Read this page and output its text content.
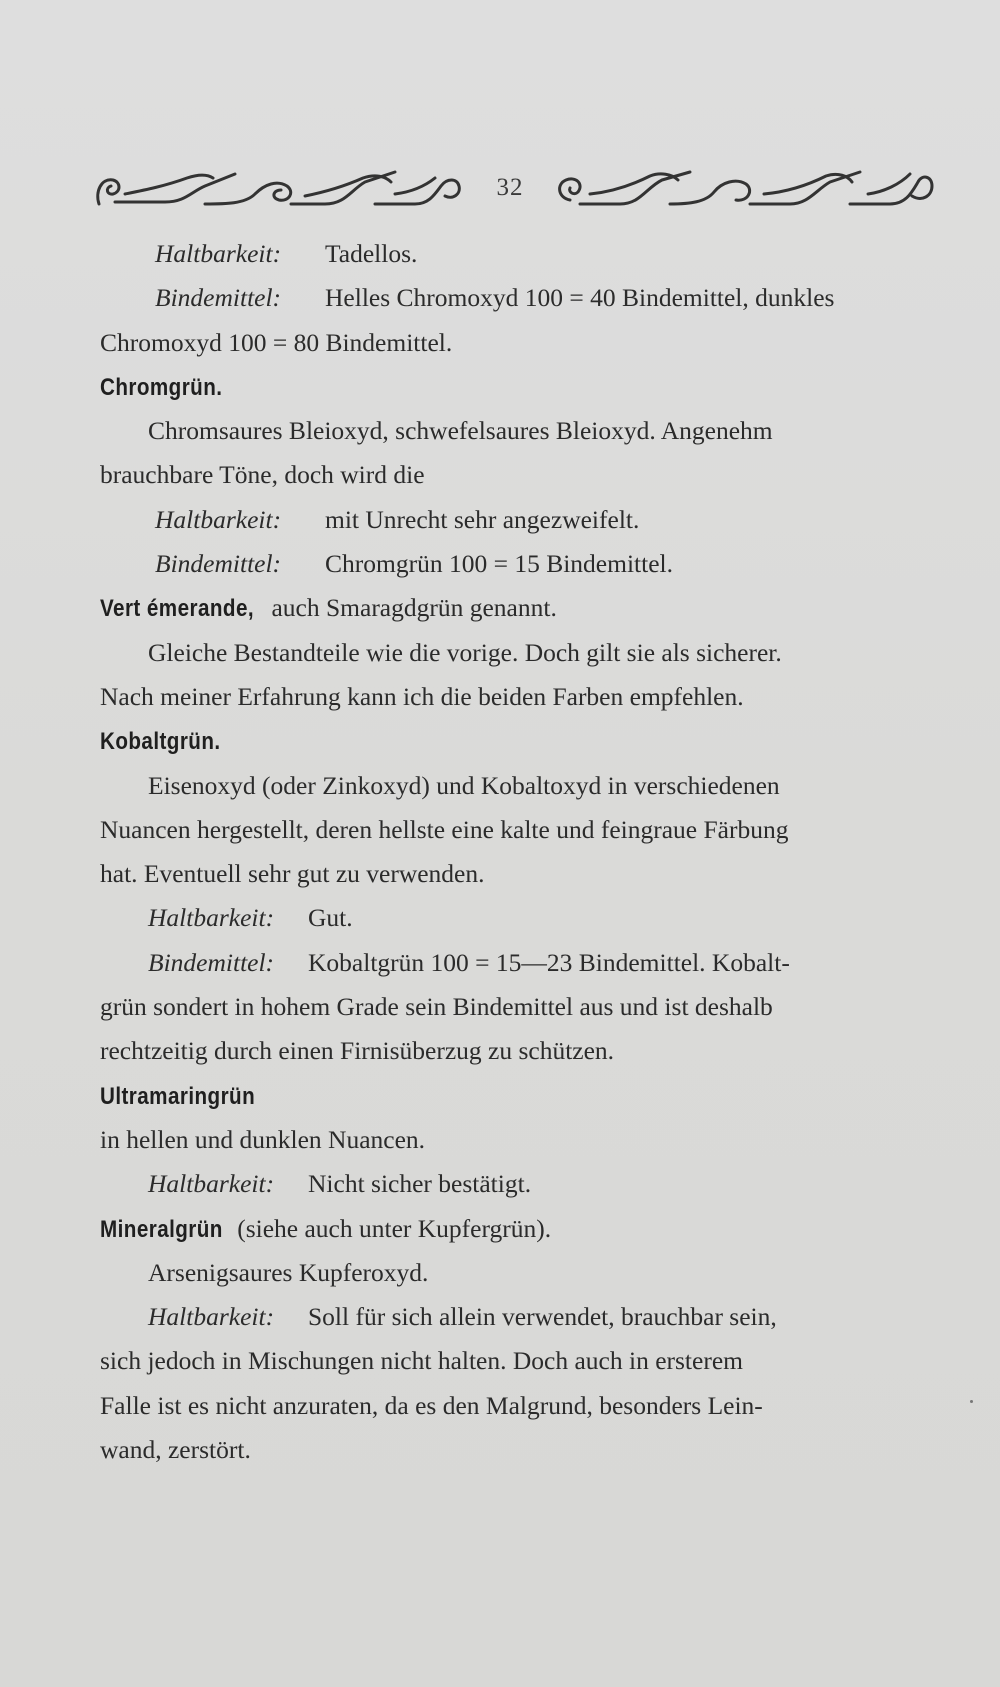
32
Haltbarkeit: Tadellos.
Bindemittel: Helles Chromoxyd 100 = 40 Bindemittel, dunkles
Chromoxyd 100 = 80 Bindemittel.
Chromgrün.
Chromsaures Bleioxyd, schwefelsaures Bleioxyd. Angenehm
brauchbare Töne, doch wird die
Haltbarkeit: mit Unrecht sehr angezweifelt.
Bindemittel: Chromgrün 100 = 15 Bindemittel.
Vert émerande, auch Smaragdgrün genannt.
Gleiche Bestandteile wie die vorige. Doch gilt sie als sicherer.
Nach meiner Erfahrung kann ich die beiden Farben empfehlen.
Kobaltgrün.
Eisenoxyd (oder Zinkoxyd) und Kobaltoxyd in verschiedenen
Nuancen hergestellt, deren hellste eine kalte und feingraue Färbung
hat. Eventuell sehr gut zu verwenden.
Haltbarkeit: Gut.
Bindemittel: Kobaltgrün 100 = 15—23 Bindemittel. Kobalt-
grün sondert in hohem Grade sein Bindemittel aus und ist deshalb
rechtzeitig durch einen Firnisüberzug zu schützen.
Ultramaringrün
in hellen und dunklen Nuancen.
Haltbarkeit: Nicht sicher bestätigt.
Mineralgrün (siehe auch unter Kupfergrün).
Arsenigsaures Kupferoxyd.
Haltbarkeit: Soll für sich allein verwendet, brauchbar sein,
sich jedoch in Mischungen nicht halten. Doch auch in ersterem
Falle ist es nicht anzuraten, da es den Malgrund, besonders Lein-
wand, zerstört.
